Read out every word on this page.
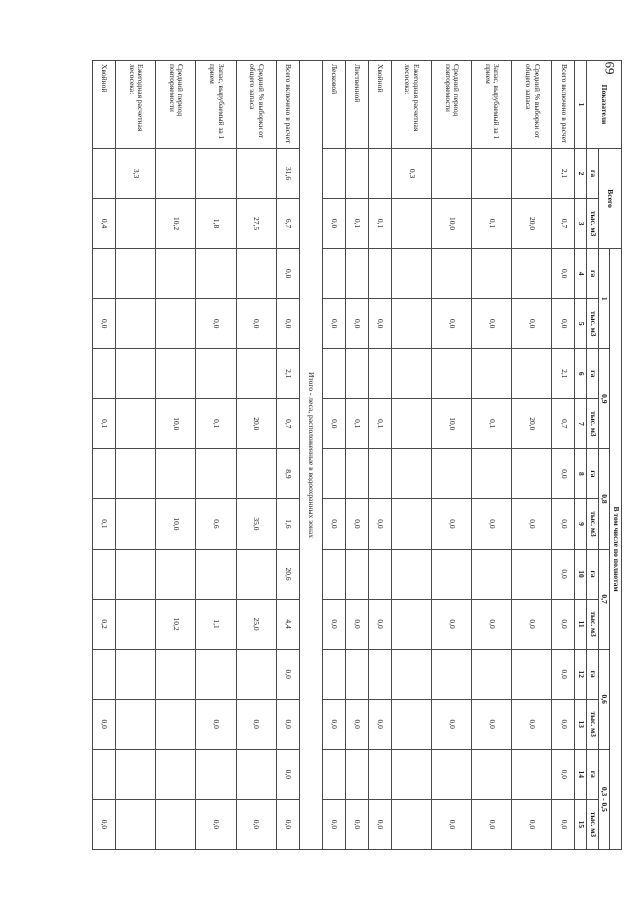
69
Показатели	Всего		В том числе по полнотам											
			1		0,9		0,8		0,7		0,6		0,3 - 0,5	
	га	тыс. м3	га	тыс. м3	га	тыс. м3	га	тыс. м3	га	тыс. м3	га	тыс. м3	га	тыс. м3
1	2	3	4	5	6	7	8	9	10	11	12	13	14	15
Всего включено в расчет	2,1	0,7	0,0	0,0	2,1	0,7	0,0	0,0	0,0	0,0	0,0	0,0	0,0	0,0
Средний % выборки от общего запаса		20,0		0,0		20,0		0,0		0,0		0,0		0,0
Запас, вырубаемый за 1 прием		0,1		0,0		0,1		0,0		0,0		0,0		0,0
Средний период повторяемости		10,0		0,0		10,0		0,0		0,0		0,0		0,0
Ежегодная расчетная лесосека:	0,3													
Хвойной		0,1		0,0		0,1		0,0		0,0		0,0		0,0
Лиственной		0,1		0,0		0,1		0,0		0,0		0,0		0,0
Лесковой		0,0		0,0		0,0		0,0		0,0		0,0		0,0
Итого - леса, расположенные в водоохранных зонах														
Всего включено в расчет	31,6	6,7	0,0	0,0	2,1	0,7	8,9	1,6	20,6	4,4	0,0	0,0	0,0	0,0
Средний % выборки от общего запаса		27,5		0,0		20,0		35,0		25,0		0,0		0,0
Запас, вырубаемый за 1 прием		1,8		0,0		0,1		0,6		1,1		0,0		0,0
Средний период повторяемости		10,2				10,0		10,0		10,2				
Ежегодная расчетная лесосека:	3,3													
Хвойной		0,4		0,0		0,1		0,1		0,2		0,0		0,0
